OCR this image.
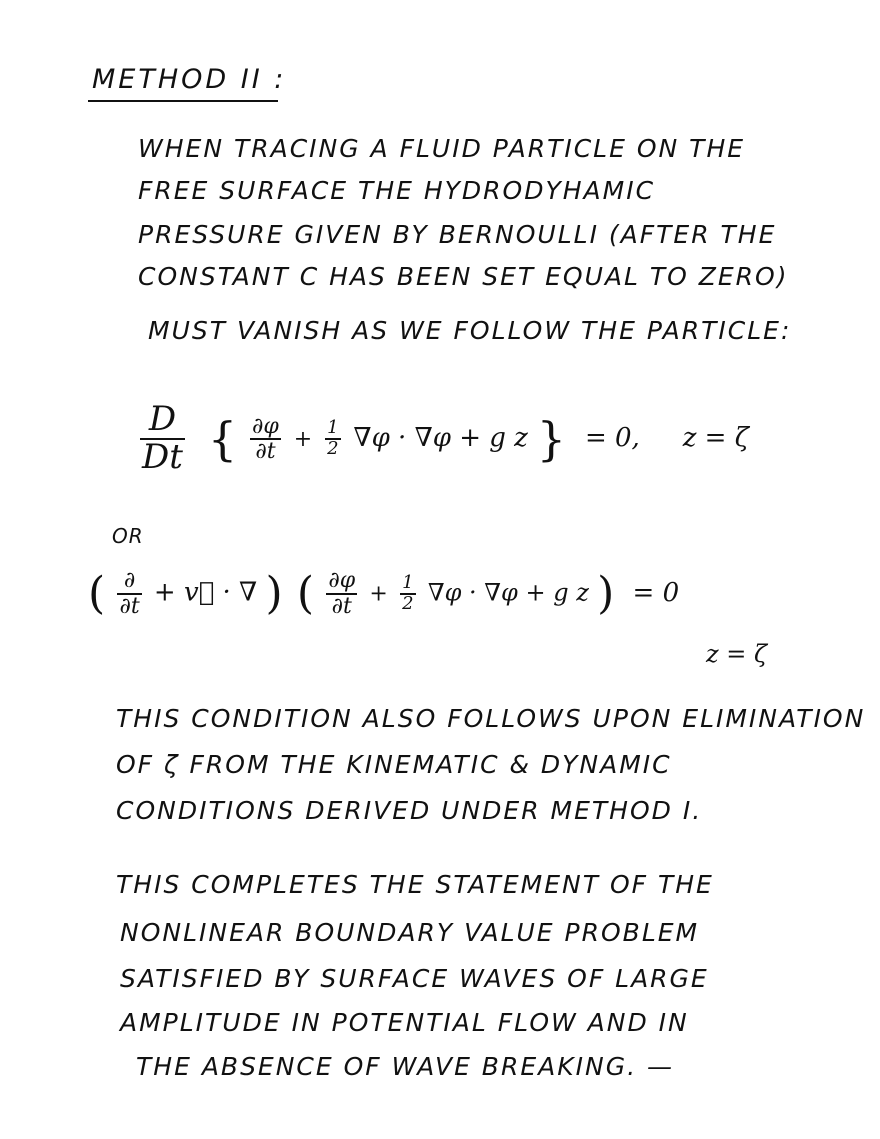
METHOD II :
WHEN TRACING A FLUID PARTICLE ON THE
FREE SURFACE THE HYDRODYHAMIC
PRESSURE GIVEN BY BERNOULLI (AFTER THE
CONSTANT C HAS BEEN SET EQUAL TO ZERO)
MUST VANISH AS WE FOLLOW THE PARTICLE:
$\frac{D}{Dt}$ { $\frac{\partial\varphi}{\partial t} + \frac{1}{2} \nabla\varphi \cdot \nabla\varphi + g$ z } = 0, z = ζ
OR
( $\frac{\partial}{\partial t}$ + v⃗ · ∇ ) ( $\frac{\partial\varphi}{\partial t} + \frac{1}{2} \nabla\varphi \cdot \nabla\varphi + g$ z ) = 0
z = ζ
THIS CONDITION ALSO FOLLOWS UPON ELIMINATION
OF ζ FROM THE KINEMATIC & DYNAMIC
CONDITIONS DERIVED UNDER METHOD I.
THIS COMPLETES THE STATEMENT OF THE
NONLINEAR BOUNDARY VALUE PROBLEM
SATISFIED BY SURFACE WAVES OF LARGE
AMPLITUDE IN POTENTIAL FLOW AND IN
THE ABSENCE OF WAVE BREAKING. —
